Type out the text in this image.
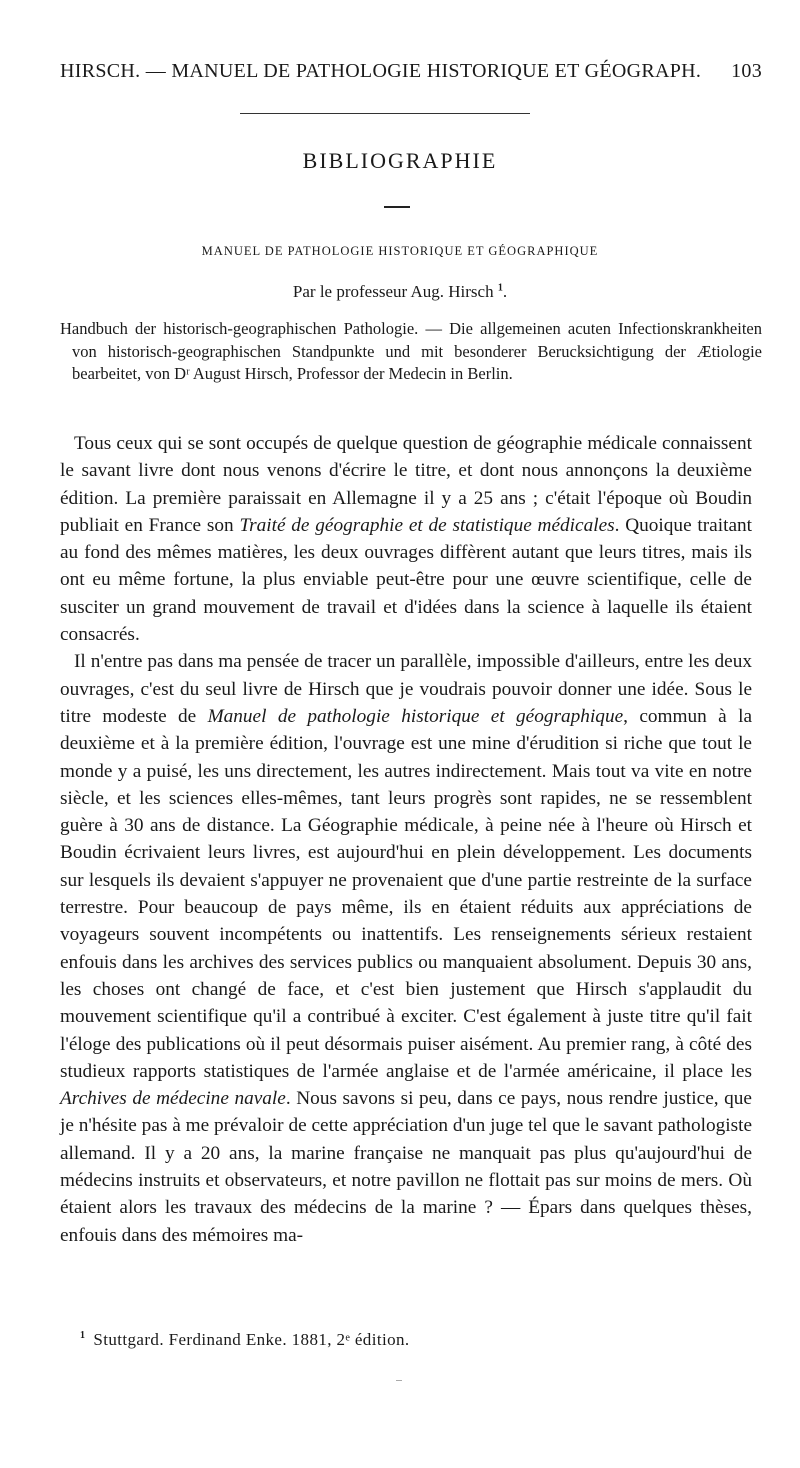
HIRSCH. — MANUEL DE PATHOLOGIE HISTORIQUE ET GÉOGRAPH. 103
BIBLIOGRAPHIE
MANUEL DE PATHOLOGIE HISTORIQUE ET GÉOGRAPHIQUE
Par le professeur Aug. Hirsch $^1$.
Handbuch der historisch-geographischen Pathologie. — Die allgemeinen acuten Infectionskrankheiten von historisch-geographischen Standpunkte und mit besonderer Berucksichtigung der Ætiologie bearbeitet, von Dʳ August Hirsch, Professor der Medecin in Berlin.

Tous ceux qui se sont occupés de quelque question de géographie médicale connaissent le savant livre dont nous venons d'écrire le titre, et dont nous annonçons la deuxième édition. La première paraissait en Allemagne il y a 25 ans ; c'était l'époque où Boudin publiait en France son Traité de géographie et de statistique médicales. Quoique traitant au fond des mêmes matières, les deux ouvrages diffèrent autant que leurs titres, mais ils ont eu même fortune, la plus enviable peut-être pour une œuvre scientifique, celle de susciter un grand mouvement de travail et d'idées dans la science à laquelle ils étaient consacrés.

Il n'entre pas dans ma pensée de tracer un parallèle, impossible d'ailleurs, entre les deux ouvrages, c'est du seul livre de Hirsch que je voudrais pouvoir donner une idée. Sous le titre modeste de Manuel de pathologie historique et géographique, commun à la deuxième et à la première édition, l'ouvrage est une mine d'érudition si riche que tout le monde y a puisé, les uns directement, les autres indirectement. Mais tout va vite en notre siècle, et les sciences elles-mêmes, tant leurs progrès sont rapides, ne se ressemblent guère à 30 ans de distance. La Géographie médicale, à peine née à l'heure où Hirsch et Boudin écrivaient leurs livres, est aujourd'hui en plein développement. Les documents sur lesquels ils devaient s'appuyer ne provenaient que d'une partie restreinte de la surface terrestre. Pour beaucoup de pays même, ils en étaient réduits aux appréciations de voyageurs souvent incompétents ou inattentifs. Les renseignements sérieux restaient enfouis dans les archives des services publics ou manquaient absolument. Depuis 30 ans, les choses ont changé de face, et c'est bien justement que Hirsch s'applaudit du mouvement scientifique qu'il a contribué à exciter. C'est également à juste titre qu'il fait l'éloge des publications où il peut désormais puiser aisément. Au premier rang, à côté des studieux rapports statistiques de l'armée anglaise et de l'armée américaine, il place les Archives de médecine navale. Nous savons si peu, dans ce pays, nous rendre justice, que je n'hésite pas à me prévaloir de cette appréciation d'un juge tel que le savant pathologiste allemand. Il y a 20 ans, la marine française ne manquait pas plus qu'aujourd'hui de médecins instruits et observateurs, et notre pavillon ne flottait pas sur moins de mers. Où étaient alors les travaux des médecins de la marine ? — Épars dans quelques thèses, enfouis dans des mémoires ma-

$^1$ Stuttgard. Ferdinand Enke. 1881, 2ᵉ édition.
